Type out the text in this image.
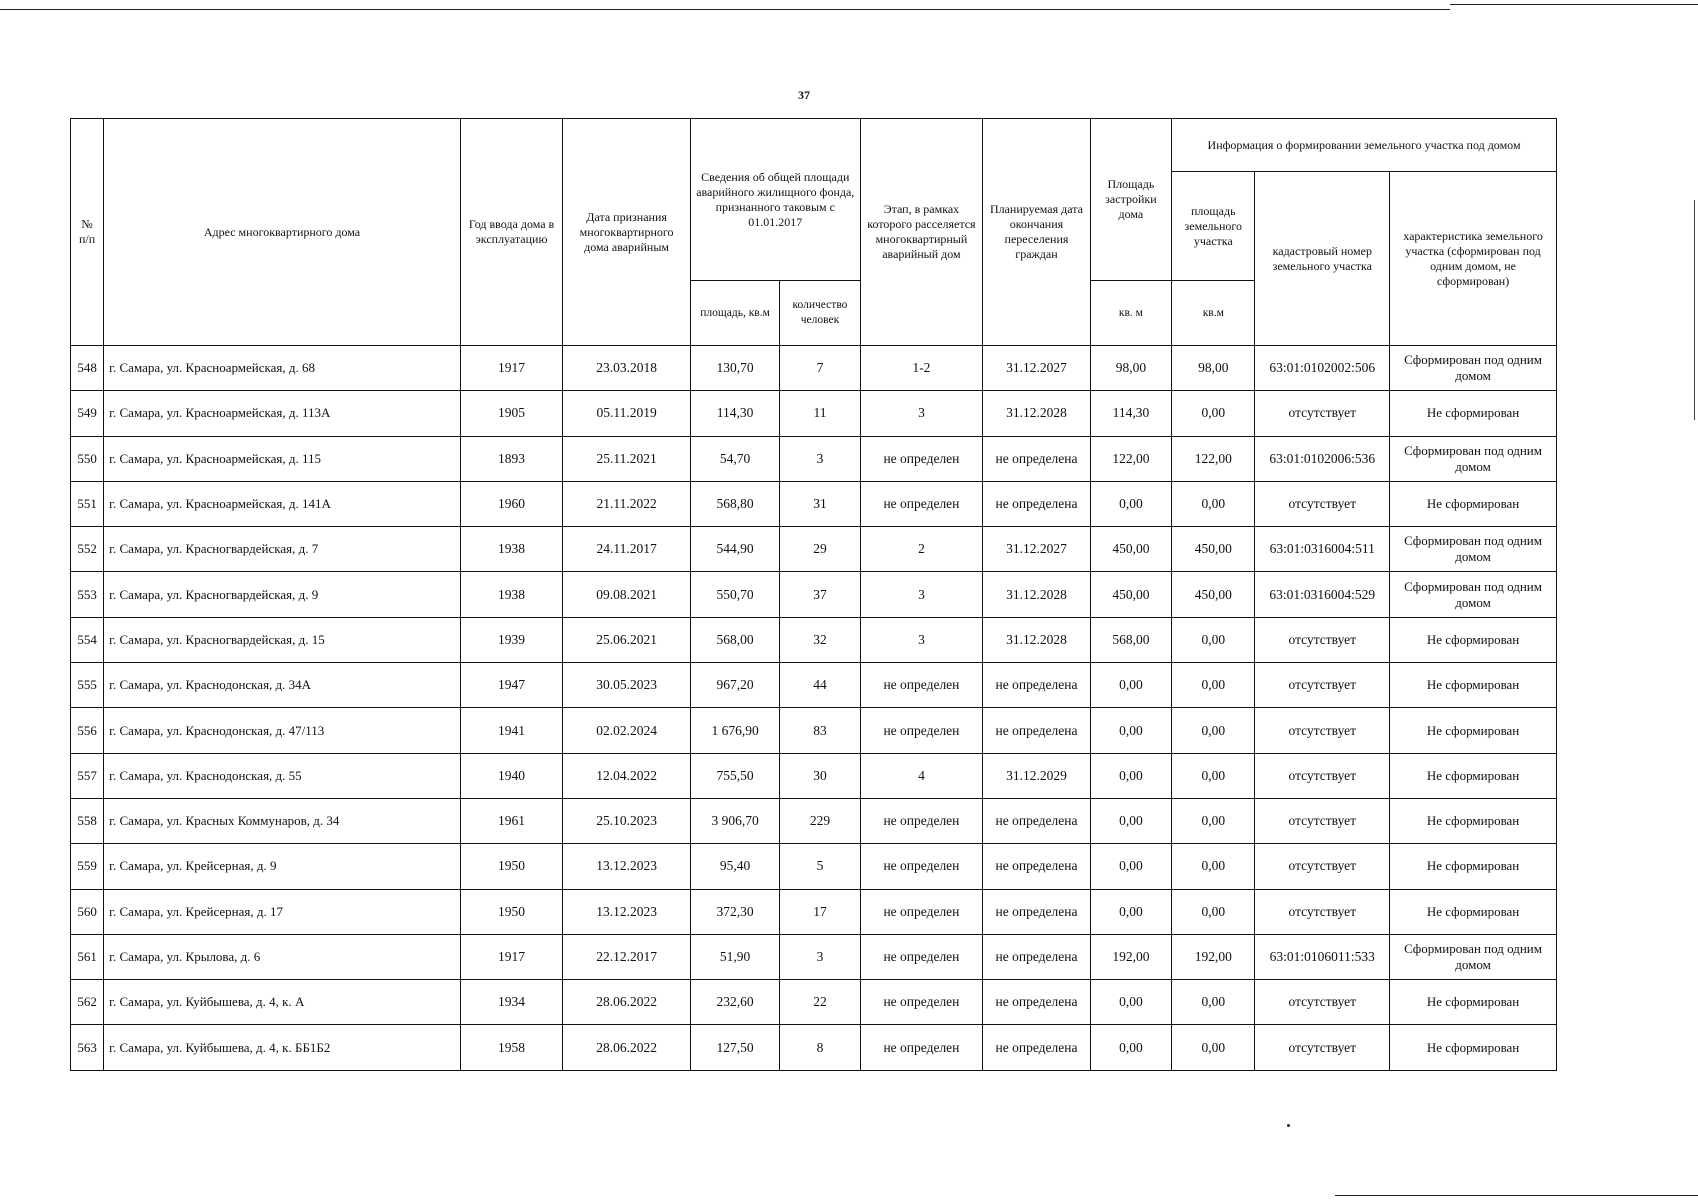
37
№ п/п	Адрес многоквартирного дома	Год ввода дома в эксплуатацию	Дата признания многоквартирного дома аварийным	Сведения об общей площади аварийного жилищного фонда, признанного таковым с 01.01.2017		Этап, в рамках которого расселяется многоквартирный аварийный дом	Планируемая дата окончания переселения граждан	Площадь застройки дома	Информация о формировании земельного участка под домом		
									площадь земельного участка	кадастровый номер земельного участка	характеристика земельного участка (сформирован под одним домом, не сформирован)
				площадь, кв.м	количество человек			кв. м	кв.м		
548	г. Самара, ул. Красноармейская, д. 68	1917	23.03.2018	130,70	7	1-2	31.12.2027	98,00	98,00	63:01:0102002:506	Сформирован под одним домом
549	г. Самара, ул. Красноармейская, д. 113А	1905	05.11.2019	114,30	11	3	31.12.2028	114,30	0,00	отсутствует	Не сформирован
550	г. Самара, ул. Красноармейская, д. 115	1893	25.11.2021	54,70	3	не определен	не определена	122,00	122,00	63:01:0102006:536	Сформирован под одним домом
551	г. Самара, ул. Красноармейская, д. 141А	1960	21.11.2022	568,80	31	не определен	не определена	0,00	0,00	отсутствует	Не сформирован
552	г. Самара, ул. Красногвардейская, д. 7	1938	24.11.2017	544,90	29	2	31.12.2027	450,00	450,00	63:01:0316004:511	Сформирован под одним домом
553	г. Самара, ул. Красногвардейская, д. 9	1938	09.08.2021	550,70	37	3	31.12.2028	450,00	450,00	63:01:0316004:529	Сформирован под одним домом
554	г. Самара, ул. Красногвардейская, д. 15	1939	25.06.2021	568,00	32	3	31.12.2028	568,00	0,00	отсутствует	Не сформирован
555	г. Самара, ул. Краснодонская, д. 34А	1947	30.05.2023	967,20	44	не определен	не определена	0,00	0,00	отсутствует	Не сформирован
556	г. Самара, ул. Краснодонская, д. 47/113	1941	02.02.2024	1 676,90	83	не определен	не определена	0,00	0,00	отсутствует	Не сформирован
557	г. Самара, ул. Краснодонская, д. 55	1940	12.04.2022	755,50	30	4	31.12.2029	0,00	0,00	отсутствует	Не сформирован
558	г. Самара, ул. Красных Коммунаров, д. 34	1961	25.10.2023	3 906,70	229	не определен	не определена	0,00	0,00	отсутствует	Не сформирован
559	г. Самара, ул. Крейсерная, д. 9	1950	13.12.2023	95,40	5	не определен	не определена	0,00	0,00	отсутствует	Не сформирован
560	г. Самара, ул. Крейсерная, д. 17	1950	13.12.2023	372,30	17	не определен	не определена	0,00	0,00	отсутствует	Не сформирован
561	г. Самара, ул. Крылова, д. 6	1917	22.12.2017	51,90	3	не определен	не определена	192,00	192,00	63:01:0106011:533	Сформирован под одним домом
562	г. Самара, ул. Куйбышева, д. 4, к. А	1934	28.06.2022	232,60	22	не определен	не определена	0,00	0,00	отсутствует	Не сформирован
563	г. Самара, ул. Куйбышева, д. 4, к. ББ1Б2	1958	28.06.2022	127,50	8	не определен	не определена	0,00	0,00	отсутствует	Не сформирован
